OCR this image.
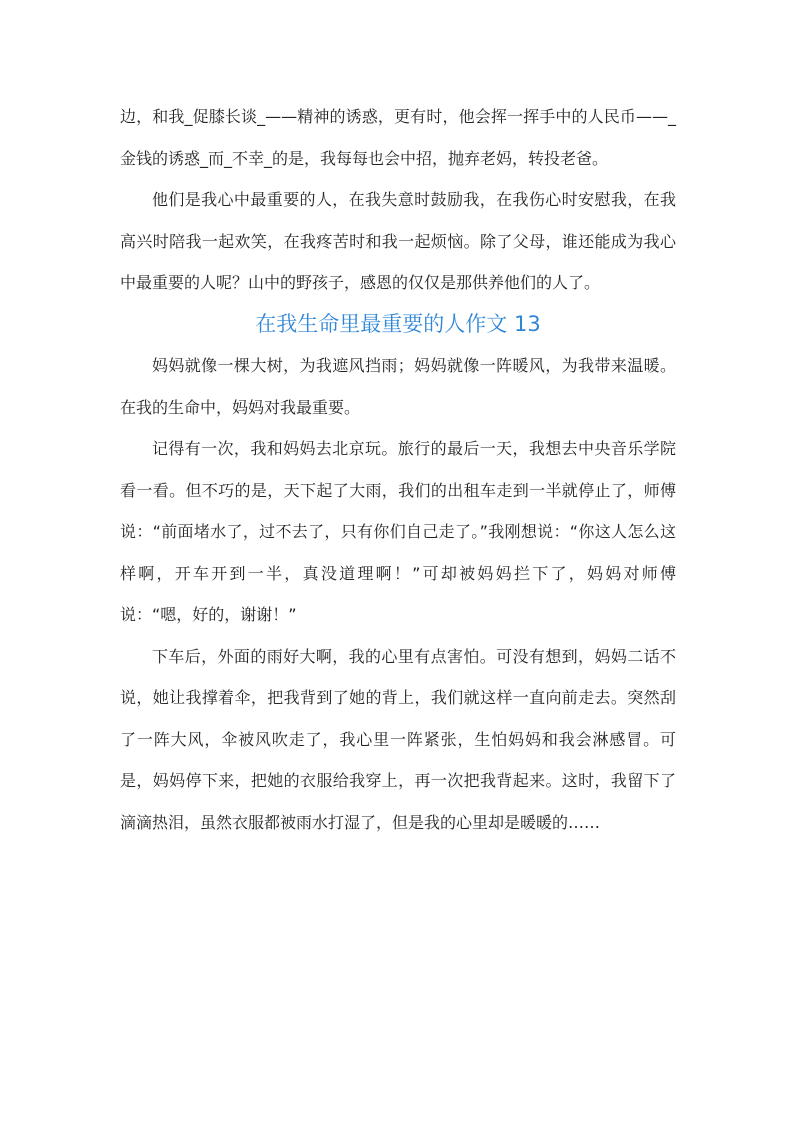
边，和我_促膝长谈_——精神的诱惑，更有时，他会挥一挥手中的人民币——_金钱的诱惑_而_不幸_的是，我每每也会中招，抛弃老妈，转投老爸。

他们是我心中最重要的人，在我失意时鼓励我，在我伤心时安慰我，在我高兴时陪我一起欢笑，在我疼苦时和我一起烦恼。除了父母，谁还能成为我心中最重要的人呢？山中的野孩子，感恩的仅仅是那供养他们的人了。

在我生命里最重要的人作文 13

妈妈就像一棵大树，为我遮风挡雨；妈妈就像一阵暖风，为我带来温暖。在我的生命中，妈妈对我最重要。

记得有一次，我和妈妈去北京玩。旅行的最后一天，我想去中央音乐学院看一看。但不巧的是，天下起了大雨，我们的出租车走到一半就停止了，师傅说：“前面堵水了，过不去了，只有你们自己走了。”我刚想说：“你这人怎么这样啊，开车开到一半，真没道理啊！”可却被妈妈拦下了，妈妈对师傅说：“嗯，好的，谢谢！”

下车后，外面的雨好大啊，我的心里有点害怕。可没有想到，妈妈二话不说，她让我撑着伞，把我背到了她的背上，我们就这样一直向前走去。突然刮了一阵大风，伞被风吹走了，我心里一阵紧张，生怕妈妈和我会淋感冒。可是，妈妈停下来，把她的衣服给我穿上，再一次把我背起来。这时，我留下了滴滴热泪，虽然衣服都被雨水打湿了，但是我的心里却是暖暖的……
